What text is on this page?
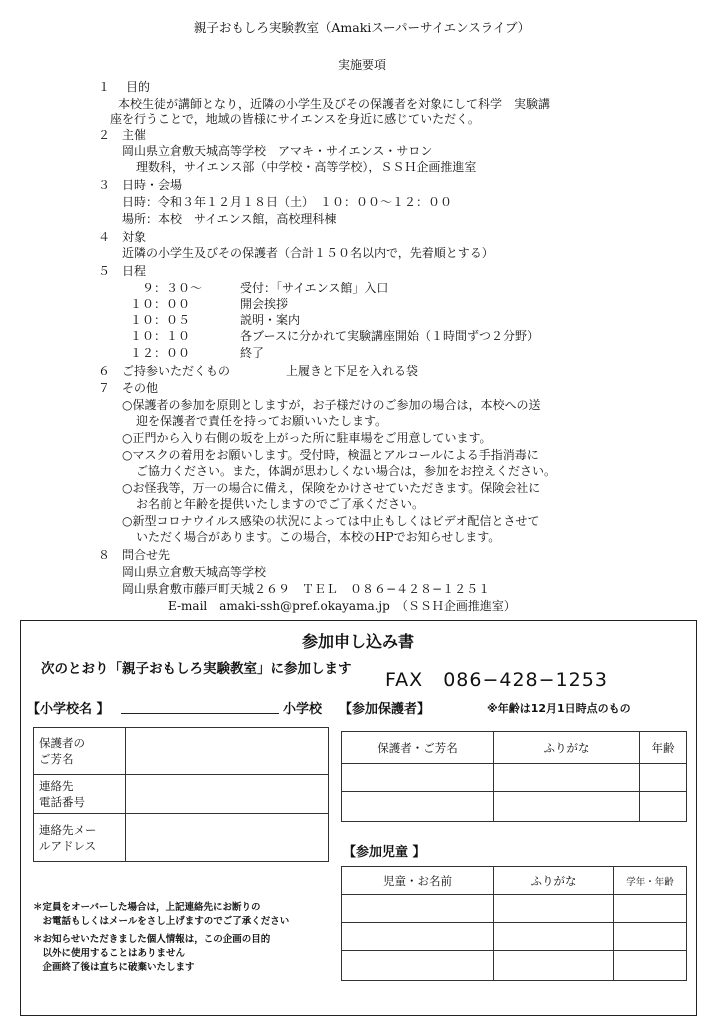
親子おもしろ実験教室（Amakiスーパーサイエンスライブ）
実施要項
１ 目的
本校生徒が講師となり，近隣の小学生及びその保護者を対象にして科学　実験講
座を行うことで，地域の皆様にサイエンスを身近に感じていただく。
２ 主催
岡山県立倉敷天城高等学校　アマキ・サイエンス・サロン
理数科，サイエンス部（中学校・高等学校），ＳＳＨ企画推進室
３ 日時・会場
日時：令和３年１２月１８日（土）　１０：００〜１２：００
場所：本校　サイエンス館，高校理科棟
４ 対象
近隣の小学生及びその保護者（合計１５０名以内で，先着順とする）
５ 日程
９：３０〜	受付：「サイエンス館」入口
１０：００	開会挨拶
１０：０５	説明・案内
１０：１０	各ブースに分かれて実験講座開始（１時間ずつ２分野）
１２：００	終了
６ ご持参いただくもの	上履きと下足を入れる袋
７ その他
○保護者の参加を原則としますが，お子様だけのご参加の場合は，本校への送
迎を保護者で責任を持ってお願いいたします。
○正門から入り右側の坂を上がった所に駐車場をご用意しています。
○マスクの着用をお願いします。受付時，検温とアルコールによる手指消毒に
ご協力ください。また，体調が思わしくない場合は，参加をお控えください。
○お怪我等，万一の場合に備え，保険をかけさせていただきます。保険会社に
お名前と年齢を提供いたしますのでご了承ください。
○新型コロナウイルス感染の状況によっては中止もしくはビデオ配信とさせて
いただく場合があります。この場合，本校のHPでお知らせします。
８ 問合せ先
岡山県立倉敷天城高等学校
岡山県倉敷市藤戸町天城２６９　ＴＥＬ　０８６−４２８−１２５１
E-mail　amaki-ssh@pref.okayama.jp　（ＳＳＨ企画推進室）
参加申し込み書
次のとおり「親子おもしろ実験教室」に参加します FAX　086−428−1253
【小学校名 】	小学校 【参加保護者】	※年齢は12月1日時点のもの
保護者の
ご芳名	
連絡先
電話番号	
連絡先メー
ルアドレス	
保護者・ご芳名	ふりがな	年齢

【参加児童 】
児童・お名前	ふりがな	学年・年齢

＊定員をオーバーした場合は，上記連絡先にお断りの
　お電話もしくはメールをさし上げますのでご了承ください
＊お知らせいただきました個人情報は，この企画の目的
　以外に使用することはありません
　企画終了後は直ちに破棄いたします
